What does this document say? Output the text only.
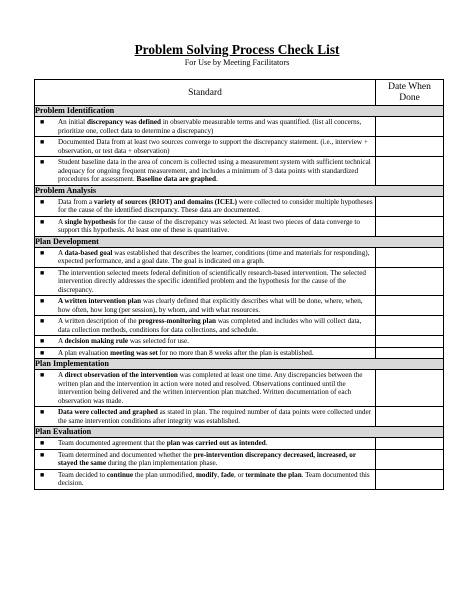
Problem Solving Process Check List
For Use by Meeting Facilitators
Standard	Date When
Done
Problem Identification	

■ An initial discrepancy was defined in observable measurable terms and was quantified. (list all concerns, prioritize one, collect data to determine a discrepancy)	

■ Documented Data from at least two sources converge to support the discrepancy statement. (i.e., interview + observation, or test data + observation)	

■ Student baseline data in the area of concern is collected using a measurement system with sufficient technical adequacy for ongoing frequent measurement, and includes a minimum of 3 data points with standardized procedures for assessment. Baseline data are graphed.	
Problem Analysis	

■ Data from a variety of sources (RIOT) and domains (ICEL) were collected to consider multiple hypotheses for the cause of the identified discrepancy. These data are documented.	

■ A single hypothesis for the cause of the discrepancy was selected. At least two pieces of data converge to support this hypothesis. At least one of these is quantitative.	
Plan Development	

■ A data-based goal was established that describes the learner, conditions (time and materials for responding), expected performance, and a goal date. The goal is indicated on a graph.	

■ The intervention selected meets federal definition of scientifically research-based intervention. The selected intervention directly addresses the specific identified problem and the hypothesis for the cause of the discrepancy.	

■ A written intervention plan was clearly defined that explicitly describes what will be done, where, when, how often, how long (per session), by whom, and with what resources.	

■ A written description of the progress-monitoring plan was completed and includes who will collect data, data collection methods, conditions for data collections, and schedule.	

■ A decision making rule was selected for use.	

■ A plan evaluation meeting was set for no more than 8 weeks after the plan is established.	
Plan Implementation	

■ A direct observation of the intervention was completed at least one time. Any discrepancies between the written plan and the intervention in action were noted and resolved. Observations continued until the intervention being delivered and the written intervention plan matched. Written documentation of each observation was made.	

■ Data were collected and graphed as stated in plan. The required number of data points were collected under the same intervention conditions after integrity was established.	
Plan Evaluation	

■ Team documented agreement that the plan was carried out as intended.	

■ Team determined and documented whether the pre-intervention discrepancy decreased, increased, or stayed the same during the plan implementation phase.	

■ Team decided to continue the plan unmodified, modify, fade, or terminate the plan. Team documented this decision.	
